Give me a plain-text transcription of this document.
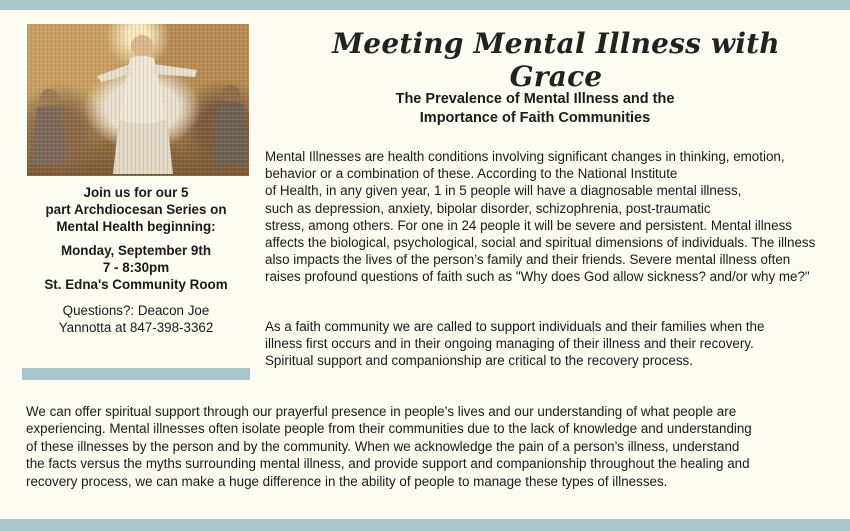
Join us for our 5

part Archdiocesan Series on

Mental Health beginning:

Monday, September 9th

7 - 8:30pm

St. Edna's Community Room

Questions?: Deacon Joe
Yannotta at 847-398-3362
Meeting Mental Illness with Grace
The Prevalence of Mental Illness and the
Importance of Faith Communities
Mental Illnesses are health conditions involving significant changes in thinking, emotion,
behavior or a combination of these. According to the National Institute
of Health, in any given year, 1 in 5 people will have a diagnosable mental illness,
such as depression, anxiety, bipolar disorder, schizophrenia, post-traumatic
stress, among others. For one in 24 people it will be severe and persistent. Mental illness
affects the biological, psychological, social and spiritual dimensions of individuals. The illness
also impacts the lives of the person’s family and their friends. Severe mental illness often
raises profound questions of faith such as "Why does God allow sickness? and/or why me?"
As a faith community we are called to support individuals and their families when the
illness first occurs and in their ongoing managing of their illness and their recovery.
Spiritual support and companionship are critical to the recovery process.
We can offer spiritual support through our prayerful presence in people’s lives and our understanding of what people are
experiencing. Mental illnesses often isolate people from their communities due to the lack of knowledge and understanding
of these illnesses by the person and by the community. When we acknowledge the pain of a person’s illness, understand
the facts versus the myths surrounding mental illness, and provide support and companionship throughout the healing and
recovery process, we can make a huge difference in the ability of people to manage these types of illnesses.
